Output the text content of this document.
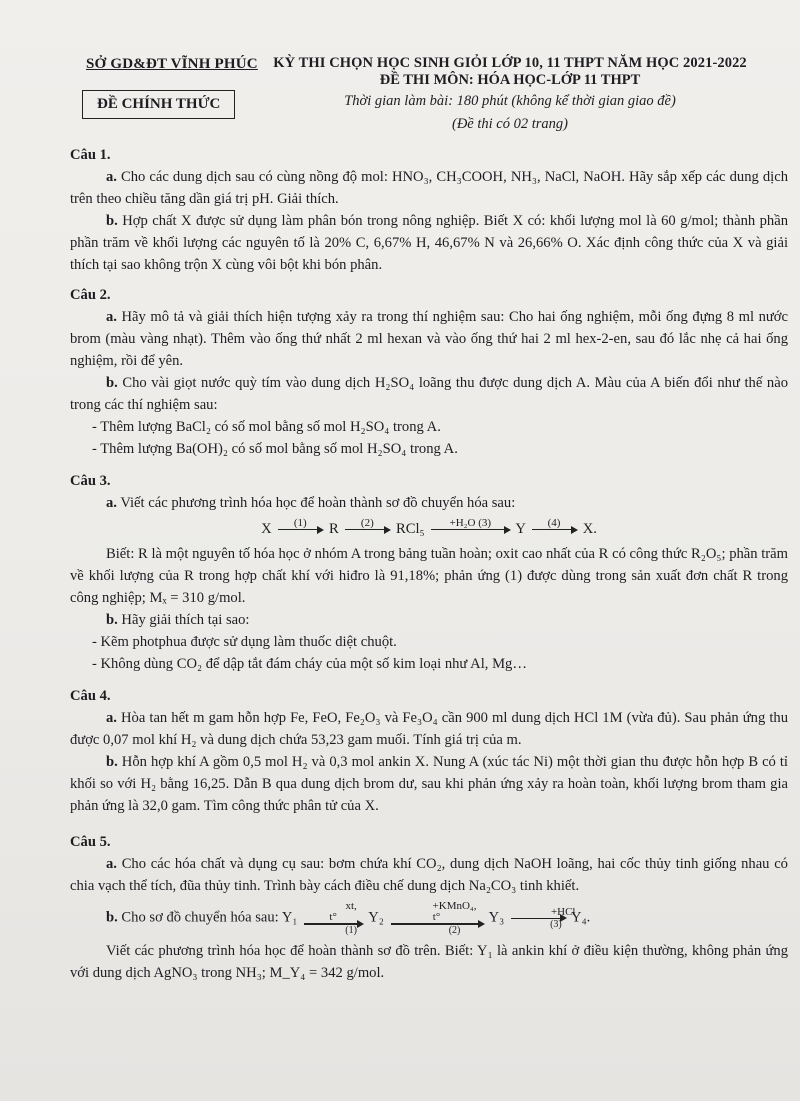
SỞ GD&ĐT VĨNH PHÚC
ĐỀ CHÍNH THỨC
KỲ THI CHỌN HỌC SINH GIỎI LỚP 10, 11 THPT NĂM HỌC 2021-2022
ĐỀ THI MÔN: HÓA HỌC-LỚP 11 THPT
Thời gian làm bài: 180 phút (không kể thời gian giao đề)
(Đề thi có 02 trang)
Câu 1.
a. Cho các dung dịch sau có cùng nồng độ mol: HNO₃, CH₃COOH, NH₃, NaCl, NaOH. Hãy sắp xếp các dung dịch trên theo chiều tăng dần giá trị pH. Giải thích.
b. Hợp chất X được sử dụng làm phân bón trong nông nghiệp. Biết X có: khối lượng mol là 60 g/mol; thành phần phần trăm về khối lượng các nguyên tố là 20% C, 6,67% H, 46,67% N và 26,66% O. Xác định công thức của X và giải thích tại sao không trộn X cùng vôi bột khi bón phân.
Câu 2.
a. Hãy mô tả và giải thích hiện tượng xảy ra trong thí nghiệm sau: Cho hai ống nghiệm, mỗi ống đựng 8 ml nước brom (màu vàng nhạt). Thêm vào ống thứ nhất 2 ml hexan và vào ống thứ hai 2 ml hex-2-en, sau đó lắc nhẹ cả hai ống nghiệm, rồi để yên.
b. Cho vài giọt nước quỳ tím vào dung dịch H₂SO₄ loãng thu được dung dịch A. Màu của A biến đổi như thế nào trong các thí nghiệm sau:
- Thêm lượng BaCl₂ có số mol bằng số mol H₂SO₄ trong A.
- Thêm lượng Ba(OH)₂ có số mol bằng số mol H₂SO₄ trong A.
Câu 3.
a. Viết các phương trình hóa học để hoàn thành sơ đồ chuyển hóa sau:
X	(1)
	R	(2)
	RCl₅	+H₂O (3)
	Y	(4)
	X.
Biết: R là một nguyên tố hóa học ở nhóm A trong bảng tuần hoàn; oxit cao nhất của R có công thức R₂O₅; phần trăm về khối lượng của R trong hợp chất khí với hiđro là 91,18%; phản ứng (1) được dùng trong sản xuất đơn chất R trong công nghiệp; Mₓ = 310 g/mol.
b. Hãy giải thích tại sao:
- Kẽm photphua được sử dụng làm thuốc diệt chuột.
- Không dùng CO₂ để dập tắt đám cháy của một số kim loại như Al, Mg…
Câu 4.
a. Hòa tan hết m gam hỗn hợp Fe, FeO, Fe₂O₃ và Fe₃O₄ cần 900 ml dung dịch HCl 1M (vừa đủ). Sau phản ứng thu được 0,07 mol khí H₂ và dung dịch chứa 53,23 gam muối. Tính giá trị của m.
b. Hỗn hợp khí A gồm 0,5 mol H₂ và 0,3 mol ankin X. Nung A (xúc tác Ni) một thời gian thu được hỗn hợp B có tỉ khối so với H₂ bằng 16,25. Dẫn B qua dung dịch brom dư, sau khi phản ứng xảy ra hoàn toàn, khối lượng brom tham gia phản ứng là 32,0 gam. Tìm công thức phân tử của X.
Câu 5.
a. Cho các hóa chất và dụng cụ sau: bơm chứa khí CO₂, dung dịch NaOH loãng, hai cốc thủy tinh giống nhau có chia vạch thể tích, đũa thủy tinh. Trình bày cách điều chế dung dịch Na₂CO₃ tinh khiết.
b. Cho sơ đồ chuyển hóa sau: $Y_1 \frac{xt, t^\circ}{(1)} Y_2$
+KMnO₄, t°
(2)
Y₃	+HCl
(3) Y₄.
Viết các phương trình hóa học để hoàn thành sơ đồ trên. Biết: Y₁ là ankin khí ở điều kiện thường, không phản ứng với dung dịch AgNO₃ trong NH₃; M_Y₄ = 342 g/mol.
